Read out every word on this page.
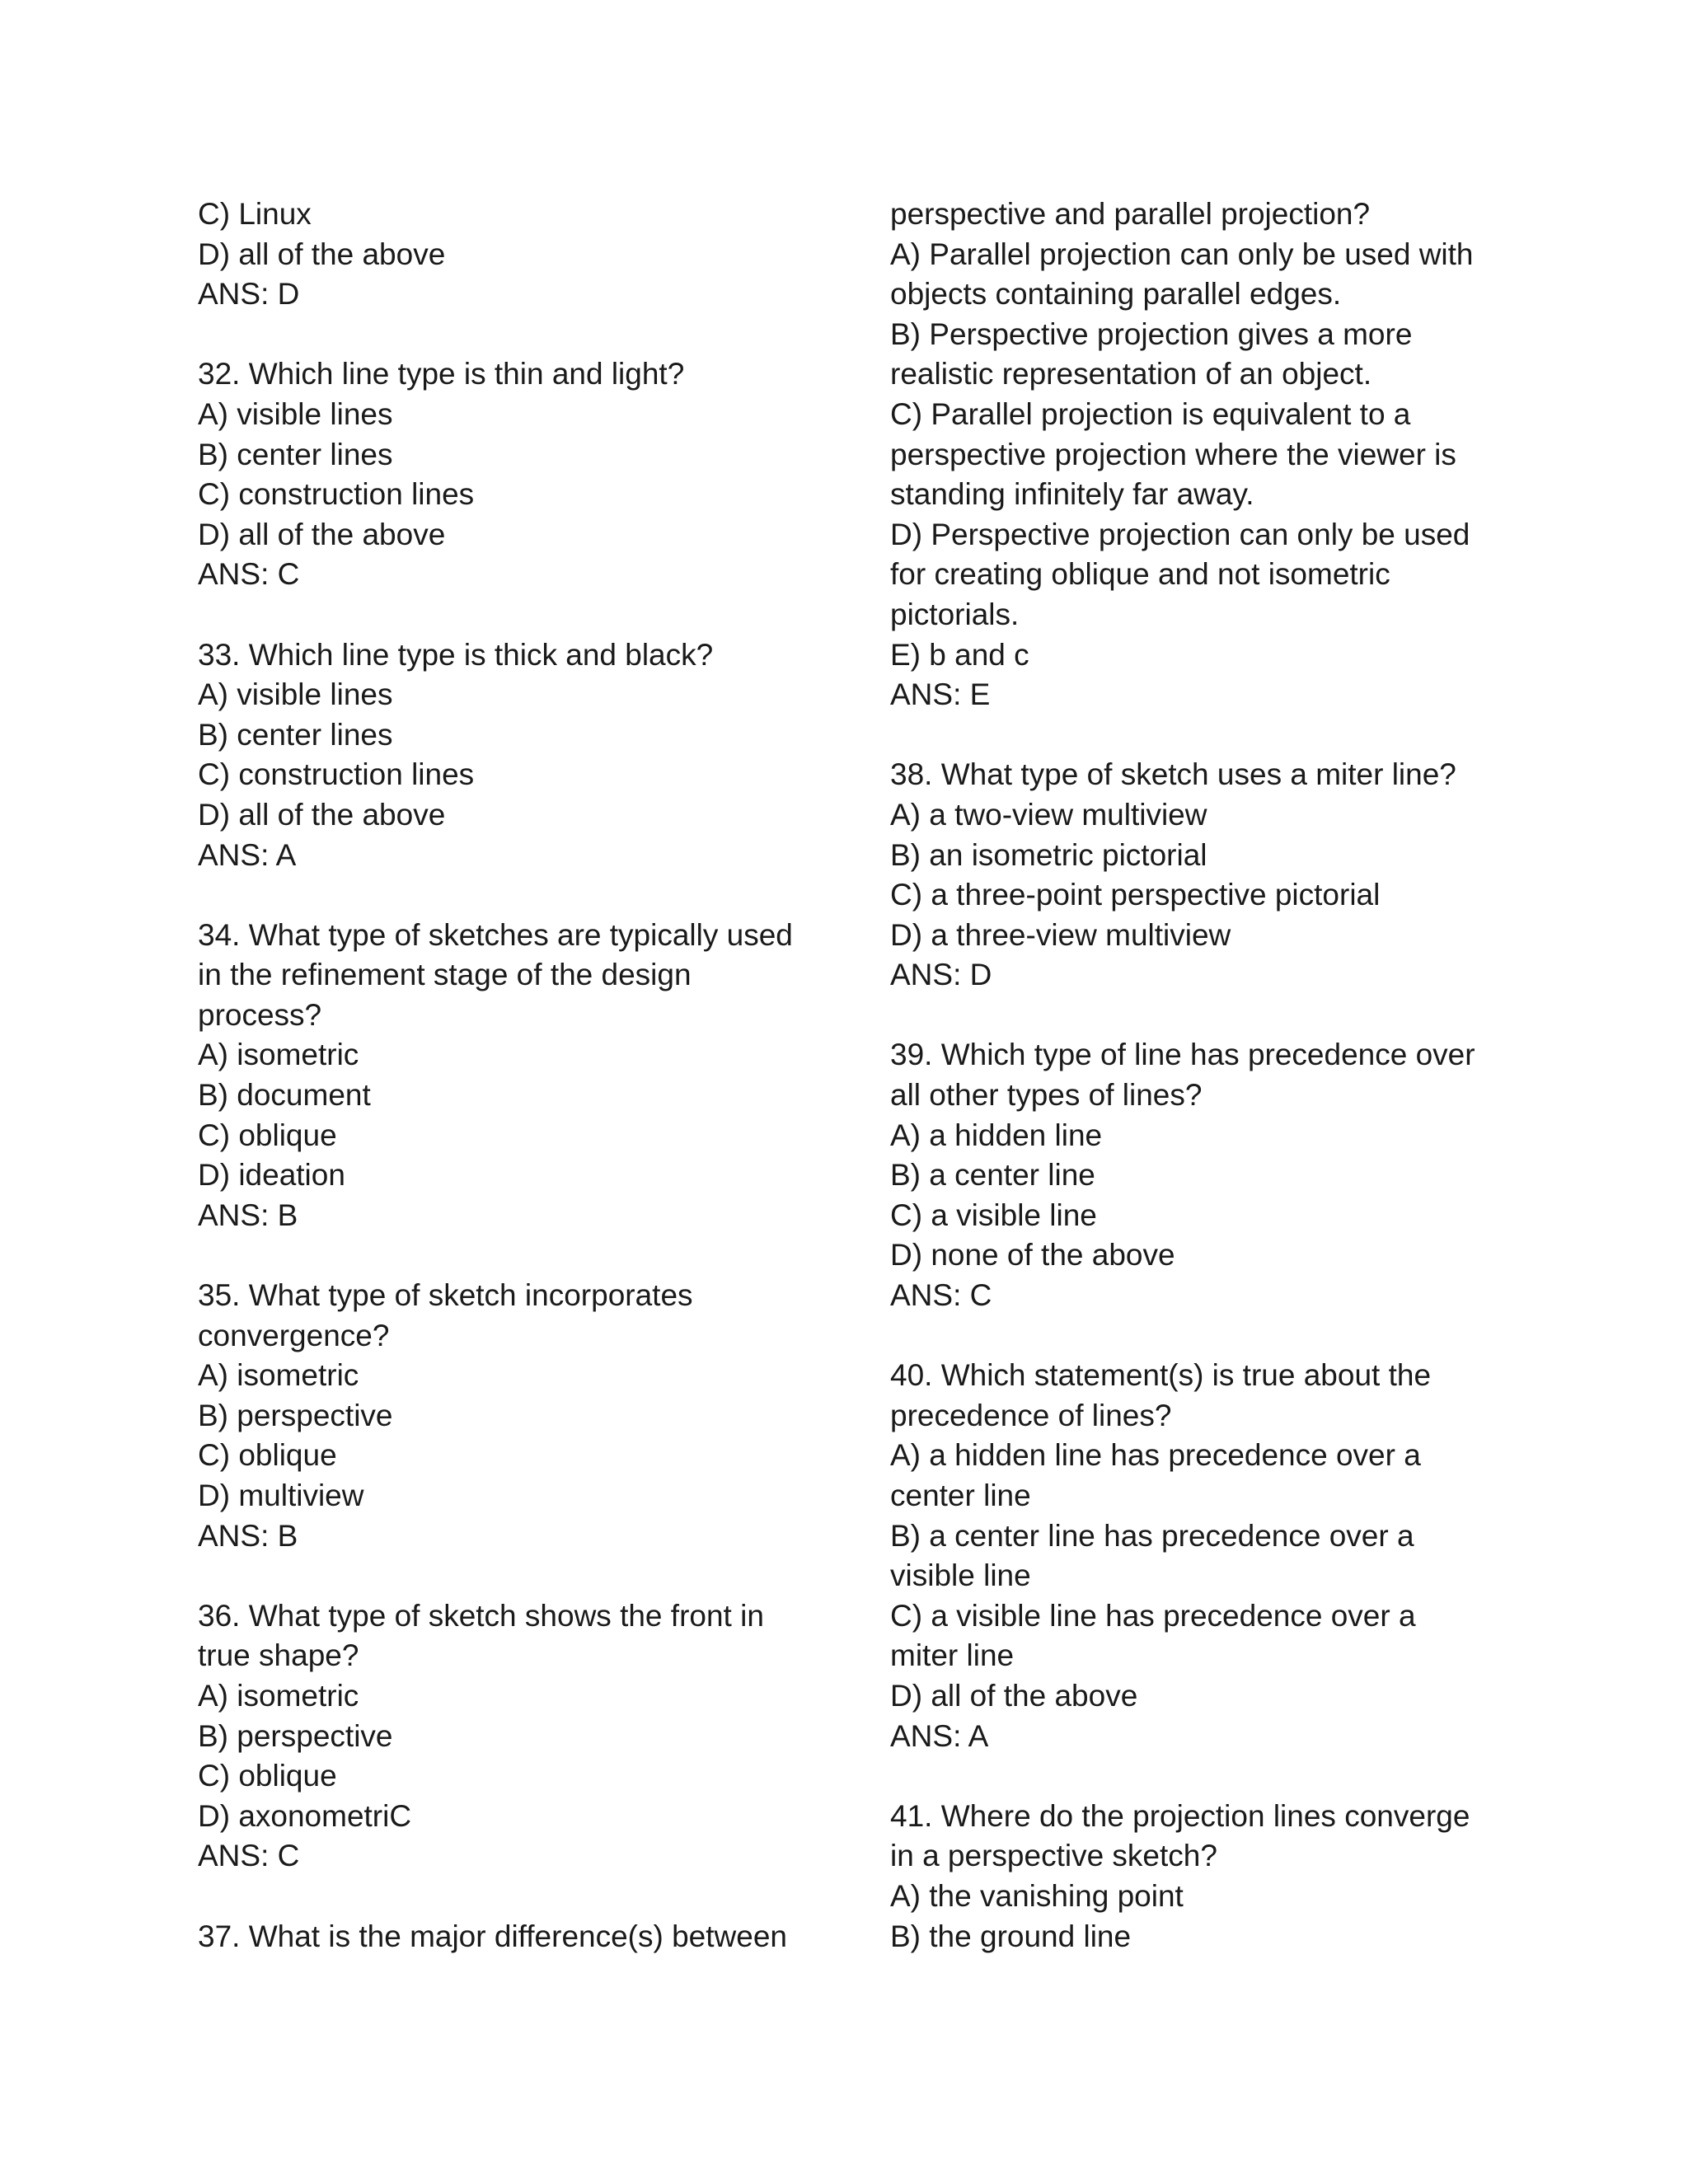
C) Linux
D) all of the above
ANS: D
32. Which line type is thin and light?
A) visible lines
B) center lines
C) construction lines
D) all of the above
ANS: C
33. Which line type is thick and black?
A) visible lines
B) center lines
C) construction lines
D) all of the above
ANS: A
34. What type of sketches are typically used
in the refinement stage of the design
process?
A) isometric
B) document
C) oblique
D) ideation
ANS: B
35. What type of sketch incorporates
convergence?
A) isometric
B) perspective
C) oblique
D) multiview
ANS: B
36. What type of sketch shows the front in
true shape?
A) isometric
B) perspective
C) oblique
D) axonometriC
ANS: C
37. What is the major difference(s) between
perspective and parallel projection?
A) Parallel projection can only be used with
objects containing parallel edges.
B) Perspective projection gives a more
realistic representation of an object.
C) Parallel projection is equivalent to a
perspective projection where the viewer is
standing infinitely far away.
D) Perspective projection can only be used
for creating oblique and not isometric
pictorials.
E) b and c
ANS: E
38. What type of sketch uses a miter line?
A) a two-view multiview
B) an isometric pictorial
C) a three-point perspective pictorial
D) a three-view multiview
ANS: D
39. Which type of line has precedence over
all other types of lines?
A) a hidden line
B) a center line
C) a visible line
D) none of the above
ANS: C
40. Which statement(s) is true about the
precedence of lines?
A) a hidden line has precedence over a
center line
B) a center line has precedence over a
visible line
C) a visible line has precedence over a
miter line
D) all of the above
ANS: A
41. Where do the projection lines converge
in a perspective sketch?
A) the vanishing point
B) the ground line
